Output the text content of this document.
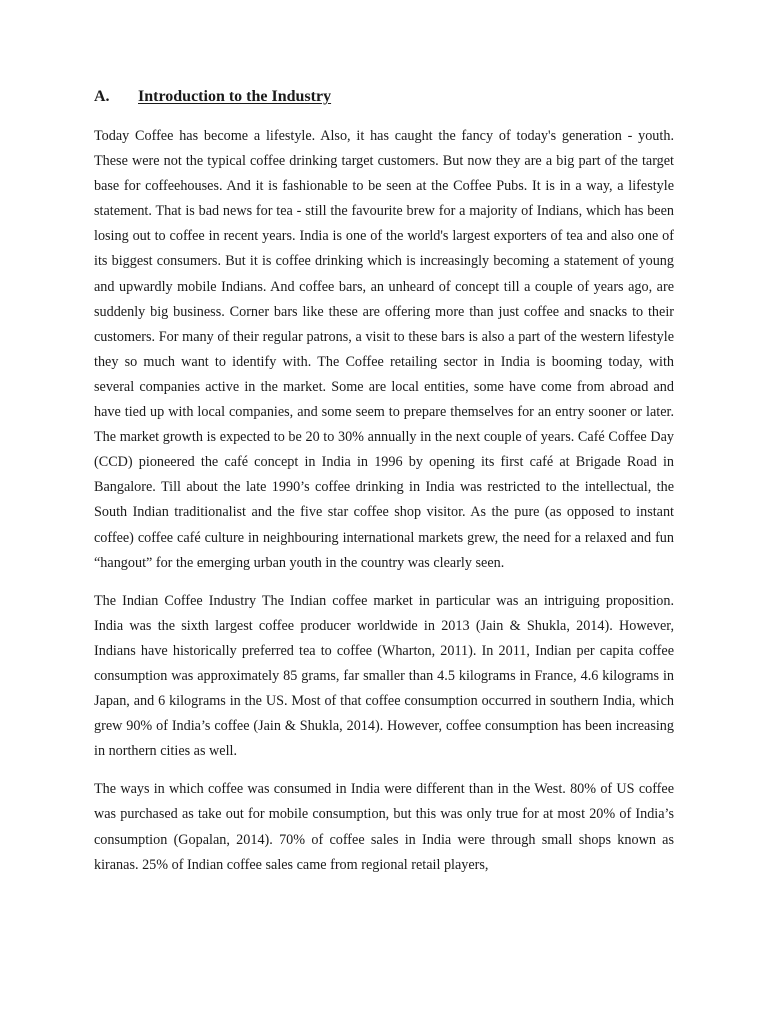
A. Introduction to the Industry

Today Coffee has become a lifestyle. Also, it has caught the fancy of today's generation - youth. These were not the typical coffee drinking target customers. But now they are a big part of the target base for coffeehouses. And it is fashionable to be seen at the Coffee Pubs. It is in a way, a lifestyle statement. That is bad news for tea - still the favourite brew for a majority of Indians, which has been losing out to coffee in recent years. India is one of the world's largest exporters of tea and also one of its biggest consumers. But it is coffee drinking which is increasingly becoming a statement of young and upwardly mobile Indians. And coffee bars, an unheard of concept till a couple of years ago, are suddenly big business. Corner bars like these are offering more than just coffee and snacks to their customers. For many of their regular patrons, a visit to these bars is also a part of the western lifestyle they so much want to identify with. The Coffee retailing sector in India is booming today, with several companies active in the market. Some are local entities, some have come from abroad and have tied up with local companies, and some seem to prepare themselves for an entry sooner or later. The market growth is expected to be 20 to 30% annually in the next couple of years. Café Coffee Day (CCD) pioneered the café concept in India in 1996 by opening its first café at Brigade Road in Bangalore. Till about the late 1990’s coffee drinking in India was restricted to the intellectual, the South Indian traditionalist and the five star coffee shop visitor. As the pure (as opposed to instant coffee) coffee café culture in neighbouring international markets grew, the need for a relaxed and fun “hangout” for the emerging urban youth in the country was clearly seen.

The Indian Coffee Industry The Indian coffee market in particular was an intriguing proposition. India was the sixth largest coffee producer worldwide in 2013 (Jain & Shukla, 2014). However, Indians have historically preferred tea to coffee (Wharton, 2011). In 2011, Indian per capita coffee consumption was approximately 85 grams, far smaller than 4.5 kilograms in France, 4.6 kilograms in Japan, and 6 kilograms in the US. Most of that coffee consumption occurred in southern India, which grew 90% of India’s coffee (Jain & Shukla, 2014). However, coffee consumption has been increasing in northern cities as well.

The ways in which coffee was consumed in India were different than in the West. 80% of US coffee was purchased as take out for mobile consumption, but this was only true for at most 20% of India’s consumption (Gopalan, 2014). 70% of coffee sales in India were through small shops known as kiranas. 25% of Indian coffee sales came from regional retail players,
